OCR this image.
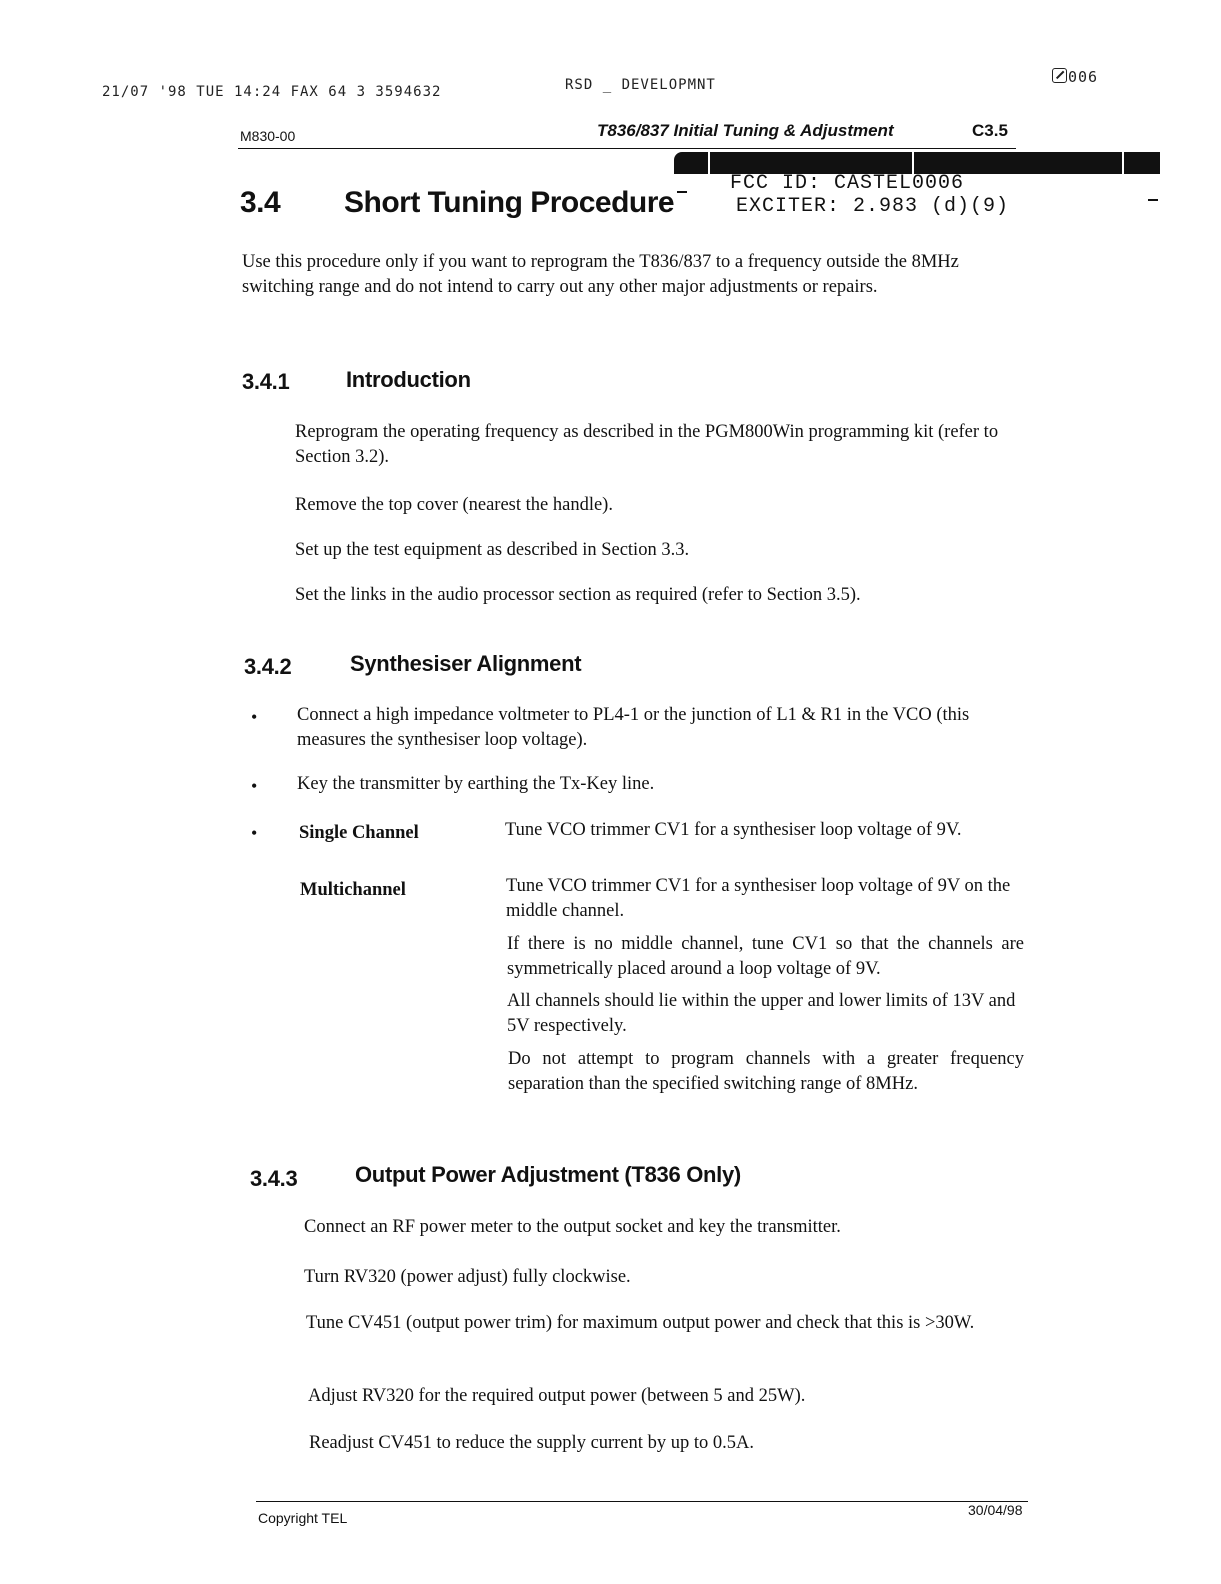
21/07 '98 TUE 14:24 FAX 64 3 3594632	RSD _ DEVELOPMNT	006
M830-00	T836/837 Initial Tuning & Adjustment	C3.5
FCC ID: CASTEL0006
EXCITER: 2.983 (d)(9)
3.4 Short Tuning Procedure
Use this procedure only if you want to reprogram the T836/837 to a frequency outside the 8MHz switching range and do not intend to carry out any other major adjustments or repairs.
3.4.1	Introduction
Reprogram the operating frequency as described in the PGM800Win programming kit (refer to Section 3.2).
Remove the top cover (nearest the handle).
Set up the test equipment as described in Section 3.3.
Set the links in the audio processor section as required (refer to Section 3.5).
3.4.2	Synthesiser Alignment
• Connect a high impedance voltmeter to PL4-1 or the junction of L1 & R1 in the VCO (this measures the synthesiser loop voltage).
• Key the transmitter by earthing the Tx-Key line.
• Single Channel	Tune VCO trimmer CV1 for a synthesiser loop voltage of 9V.
Multichannel	Tune VCO trimmer CV1 for a synthesiser loop voltage of 9V on the middle channel.
If there is no middle channel, tune CV1 so that the channels are symmetrically placed around a loop voltage of 9V.
All channels should lie within the upper and lower limits of 13V and 5V respectively.
Do not attempt to program channels with a greater frequency separation than the specified switching range of 8MHz.
3.4.3	Output Power Adjustment (T836 Only)
Connect an RF power meter to the output socket and key the transmitter.
Turn RV320 (power adjust) fully clockwise.
Tune CV451 (output power trim) for maximum output power and check that this is >30W.
Adjust RV320 for the required output power (between 5 and 25W).
Readjust CV451 to reduce the supply current by up to 0.5A.
Copyright TEL	30/04/98
